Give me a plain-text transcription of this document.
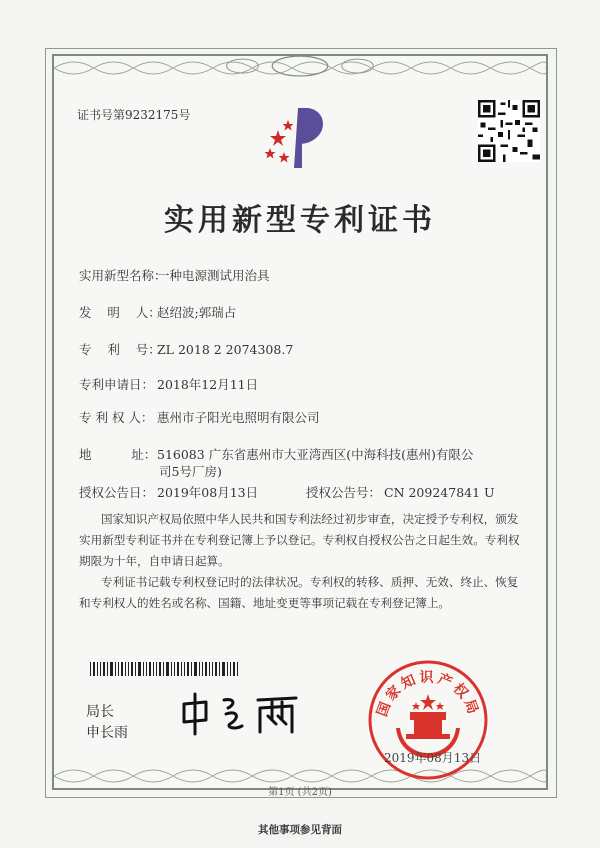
证书号第9232175号
实用新型专利证书
实用新型名称：一种电源测试用治具
发    明    人：赵绍波;郭瑞占
专    利    号：ZL 2018 2 2074308.7
专利申请日： 2018年12月11日
专 利 权 人： 惠州市子阳光电照明有限公司
地          址：516083 广东省惠州市大亚湾西区(中海科技(惠州)有限公
司5号厂房)
授权公告日： 2019年08月13日	授权公告号： CN 209247841 U
国家知识产权局依照中华人民共和国专利法经过初步审查，决定授予专利权，颁发实用新型专利证书并在专利登记簿上予以登记。专利权自授权公告之日起生效。专利权期限为十年，自申请日起算。
专利证书记载专利权登记时的法律状况。专利权的转移、质押、无效、终止、恢复和专利权人的姓名或名称、国籍、地址变更等事项记载在专利登记簿上。
局长
申长雨
国家知识产权局
2019年08月13日
第1页 (共2页)
其他事项参见背面
